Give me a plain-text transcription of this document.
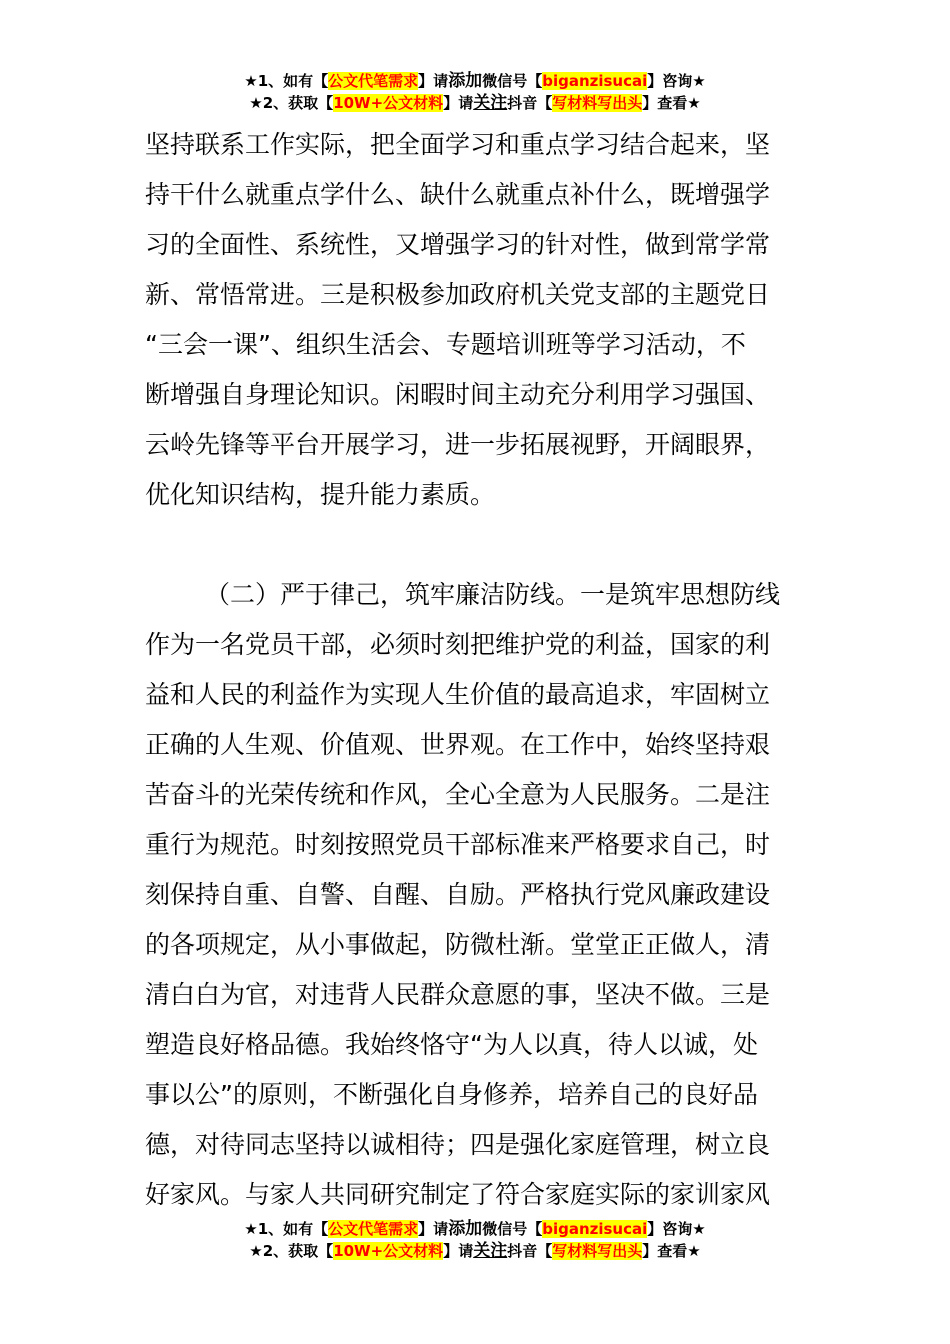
★1、如有【公文代笔需求】请添加微信号【biganzisucai】咨询★
★2、获取【10W+公文材料】请关注抖音【写材料写出头】查看★
坚持联系工作实际，把全面学习和重点学习结合起来，坚
持干什么就重点学什么、缺什么就重点补什么，既增强学
习的全面性、系统性，又增强学习的针对性，做到常学常
新、常悟常进。三是积极参加政府机关党支部的主题党日
“三会一课”、组织生活会、专题培训班等学习活动，不
断增强自身理论知识。闲暇时间主动充分利用学习强国、
云岭先锋等平台开展学习，进一步拓展视野，开阔眼界，
优化知识结构，提升能力素质。
（二）严于律己，筑牢廉洁防线。一是筑牢思想防线
作为一名党员干部，必须时刻把维护党的利益，国家的利
益和人民的利益作为实现人生价值的最高追求，牢固树立
正确的人生观、价值观、世界观。在工作中，始终坚持艰
苦奋斗的光荣传统和作风，全心全意为人民服务。二是注
重行为规范。时刻按照党员干部标准来严格要求自己，时
刻保持自重、自警、自醒、自励。严格执行党风廉政建设
的各项规定，从小事做起，防微杜渐。堂堂正正做人，清
清白白为官，对违背人民群众意愿的事，坚决不做。三是
塑造良好格品德。我始终恪守“为人以真，待人以诚，处
事以公”的原则，不断强化自身修养，培养自己的良好品
德，对待同志坚持以诚相待；四是强化家庭管理，树立良
好家风。与家人共同研究制定了符合家庭实际的家训家风
★1、如有【公文代笔需求】请添加微信号【biganzisucai】咨询★
★2、获取【10W+公文材料】请关注抖音【写材料写出头】查看★
